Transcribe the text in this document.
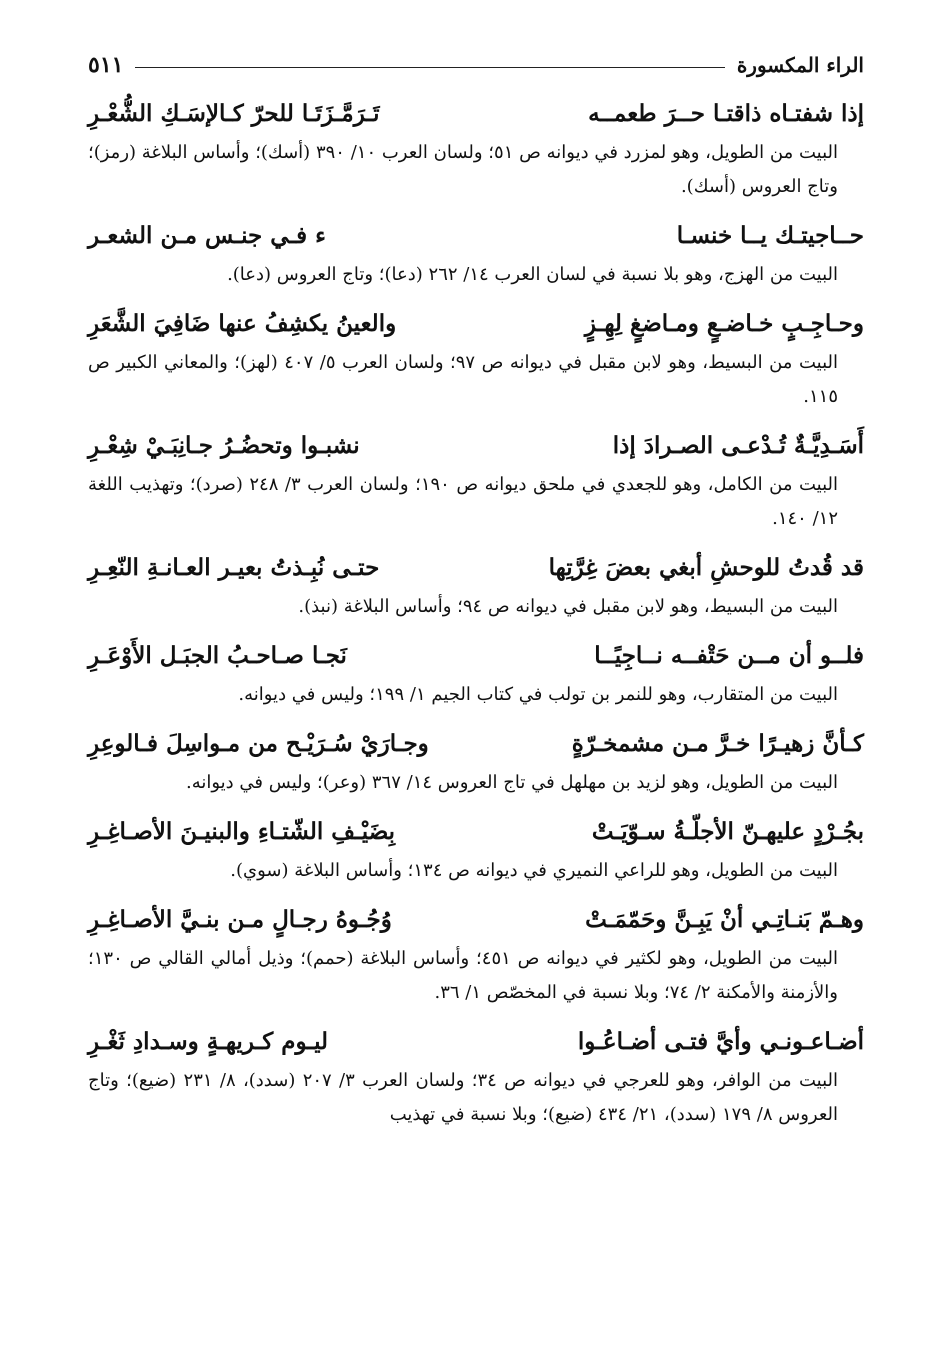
الراء المكسورة
٥١١
إذا شفتـاه ذاقتـا حــرَ طعمــه
تَـرَمَّـزَتَـا للحرّ كـالإسَـكِ الشُّعْـرِ
البيت من الطويل، وهو لمزرد في ديوانه ص ٥١؛ ولسان العرب ١٠/ ٣٩٠ (أسك)؛ وأساس البلاغة (رمز)؛ وتاج العروس (أسك).
حــاجيتـك يــا خنسـا
ء فـي جنـس مـن الشعـر
البيت من الهزج، وهو بلا نسبة في لسان العرب ١٤/ ٢٦٢ (دعا)؛ وتاج العروس (دعا).
وحـاجِـبٍ خـاضـعٍ ومـاضغٍ لِهِـزٍ
والعينُ يكشِفُ عنها ضَافِيَ الشَّعَرِ
البيت من البسيط، وهو لابن مقبل في ديوانه ص ٩٧؛ ولسان العرب ٥/ ٤٠٧ (لهز)؛ والمعاني الكبير ص ١١٥.
أَسَـدِيَّـةٌ تُـدْعـى الصـرادَ إذا
نشبـوا وتحضُـرُ جـانِبَـيْ شِعْـرِ
البيت من الكامل، وهو للجعدي في ملحق ديوانه ص ١٩٠؛ ولسان العرب ٣/ ٢٤٨ (صرد)؛ وتهذيب اللغة ١٢/ ١٤٠.
قد قُدتُ للوحشِ أبغي بعضَ غِرَّتِها
حتـى نُبِـذتُ بعيـر العـانـةِ النّعِـرِ
البيت من البسيط، وهو لابن مقبل في ديوانه ص ٩٤؛ وأساس البلاغة (نبذ).
فلــو أن مــن حَتْفــه نــاجِيًــا
نَجـا صـاحـبُ الجبَـل الأَوْعَـرِ
البيت من المتقارب، وهو للنمر بن تولب في كتاب الجيم ١/ ١٩٩؛ وليس في ديوانه.
كـأنَّ زهيـرًا خـرَّ مـن مشمخـرّةٍ
وجـارَيْ سُـرَيْـح من مـواسِلَ فـالوعِرِ
البيت من الطويل، وهو لزيد بن مهلهل في تاج العروس ١٤/ ٣٦٧ (وعر)؛ وليس في ديوانه.
بجُـرْدٍ عليهـنّ الأجلّـةُ سـوّيَـتْ
بِضَيْـفِ الشّتـاءِ والبنيـنَ الأصـاغِـرِ
البيت من الطويل، وهو للراعي النميري في ديوانه ص ١٣٤؛ وأساس البلاغة (سوي).
وهـمّ بَنـاتِـي أنْ يَبِـنَّ وحَمّمَـتْ
وُجُـوهُ رجـالٍ مـن بنـيَّ الأصـاغِـرِ
البيت من الطويل، وهو لكثير في ديوانه ص ٤٥١؛ وأساس البلاغة (حمم)؛ وذيل أمالي القالي ص ١٣٠؛ والأزمنة والأمكنة ٢/ ٧٤؛ وبلا نسبة في المخصّص ١/ ٣٦.
أضـاعـونـي وأيَّ فتـى أضـاعُـوا
ليـوم كـريهـةٍ وسـدادِ ثَغْـرِ
البيت من الوافر، وهو للعرجي في ديوانه ص ٣٤؛ ولسان العرب ٣/ ٢٠٧ (سدد)، ٨/ ٢٣١ (ضيع)؛ وتاج العروس ٨/ ١٧٩ (سدد)، ٢١/ ٤٣٤ (ضيع)؛ وبلا نسبة في تهذيب
